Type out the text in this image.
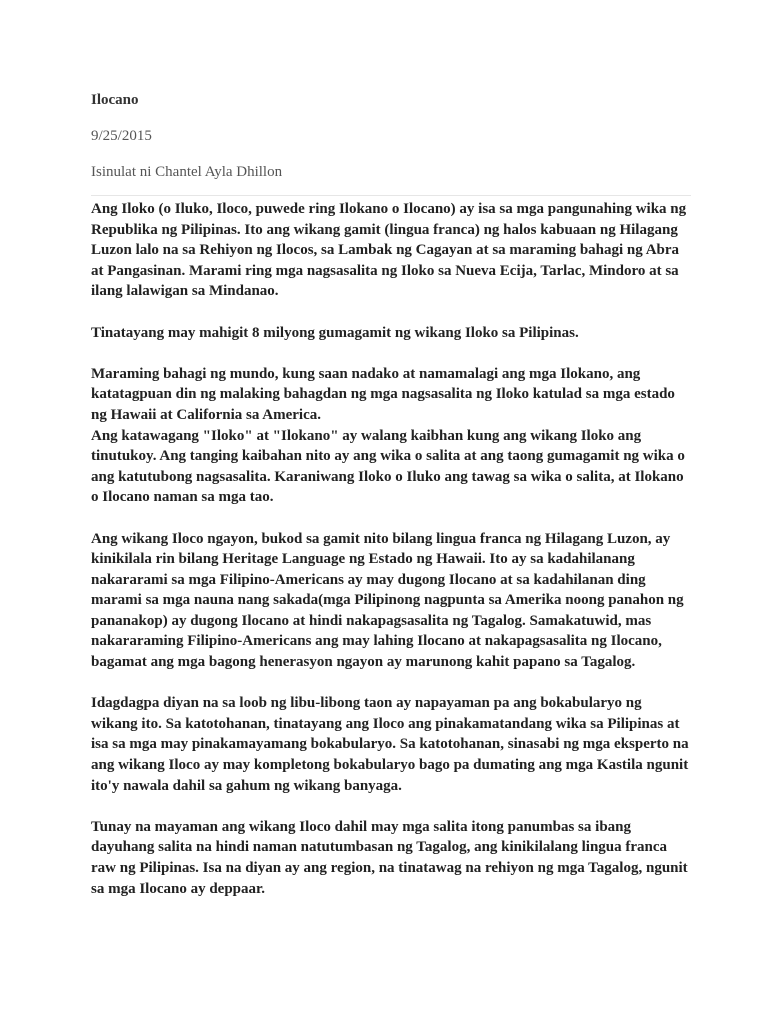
Ilocano
9/25/2015
Isinulat ni Chantel Ayla Dhillon

Ang Iloko (o Iluko, Iloco, puwede ring Ilokano o Ilocano) ay isa sa mga pangunahing wika ng Republika ng Pilipinas. Ito ang wikang gamit (lingua franca) ng halos kabuaan ng Hilagang Luzon lalo na sa Rehiyon ng Ilocos, sa Lambak ng Cagayan at sa maraming bahagi ng Abra at Pangasinan. Marami ring mga nagsasalita ng Iloko sa Nueva Ecija, Tarlac, Mindoro at sa ilang lalawigan sa Mindanao.

Tinatayang may mahigit 8 milyong gumagamit ng wikang Iloko sa Pilipinas.

Maraming bahagi ng mundo, kung saan nadako at namamalagi ang mga Ilokano, ang katatagpuan din ng malaking bahagdan ng mga nagsasalita ng Iloko katulad sa mga estado ng Hawaii at California sa America.

Ang katawagang "Iloko" at "Ilokano" ay walang kaibhan kung ang wikang Iloko ang tinutukoy. Ang tanging kaibahan nito ay ang wika o salita at ang taong gumagamit ng wika o ang katutubong nagsasalita. Karaniwang Iloko o Iluko ang tawag sa wika o salita, at Ilokano o Ilocano naman sa mga tao.

Ang wikang Iloco ngayon, bukod sa gamit nito bilang lingua franca ng Hilagang Luzon, ay kinikilala rin bilang Heritage Language ng Estado ng Hawaii. Ito ay sa kadahilanang nakararami sa mga Filipino-Americans ay may dugong Ilocano at sa kadahilanan ding marami sa mga nauna nang sakada(mga Pilipinong nagpunta sa Amerika noong panahon ng pananakop) ay dugong Ilocano at hindi nakapagsasalita ng Tagalog. Samakatuwid, mas nakararaming Filipino-Americans ang may lahing Ilocano at nakapagsasalita ng Ilocano, bagamat ang mga bagong henerasyon ngayon ay marunong kahit papano sa Tagalog.

Idagdagpa diyan na sa loob ng libu-libong taon ay napayaman pa ang bokabularyo ng wikang ito. Sa katotohanan, tinatayang ang Iloco ang pinakamatandang wika sa Pilipinas at isa sa mga may pinakamayamang bokabularyo. Sa katotohanan, sinasabi ng mga eksperto na ang wikang Iloco ay may kompletong bokabularyo bago pa dumating ang mga Kastila ngunit ito'y nawala dahil sa gahum ng wikang banyaga.

Tunay na mayaman ang wikang Iloco dahil may mga salita itong panumbas sa ibang dayuhang salita na hindi naman natutumbasan ng Tagalog, ang kinikilalang lingua franca raw ng Pilipinas. Isa na diyan ay ang region, na tinatawag na rehiyon ng mga Tagalog, ngunit sa mga Ilocano ay deppaar.
